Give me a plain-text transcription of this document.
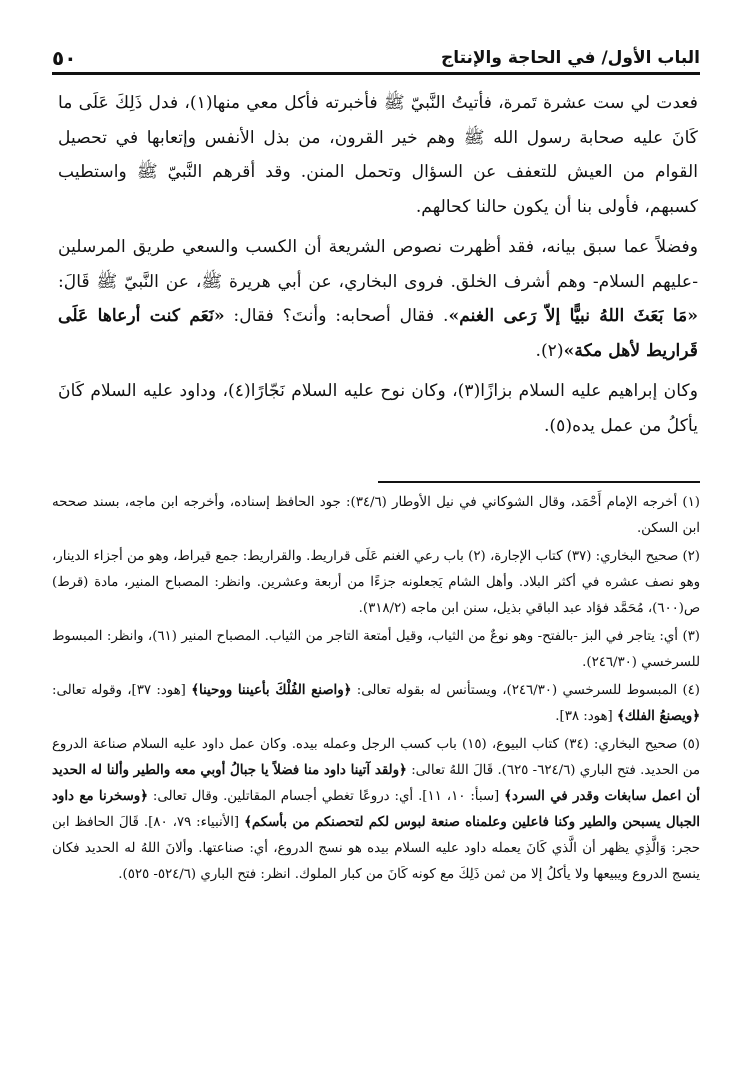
الباب الأول/ في الحاجة والإنتاج
٥٠

فعدت لي ست عشرة تَمرة، فأتيتُ النَّبيّ ﷺ فأخبرته فأكل معي منها(١)، فدل ذَلِكَ عَلَى ما كَانَ عليه صحابة رسول الله ﷺ وهم خير القرون، من بذل الأنفس وإتعابها في تحصيل القوام من العيش للتعفف عن السؤال وتحمل المنن. وقد أقرهم النَّبيّ ﷺ واستطيب كسبهم، فأولى بنا أن يكون حالنا كحالهم.

وفضلاً عما سبق بيانه، فقد أظهرت نصوص الشريعة أن الكسب والسعي طريق المرسلين -عليهم السلام- وهم أشرف الخلق. فروى البخاري، عن أبي هريرة ﷺ، عن النَّبيّ ﷺ قَالَ: «مَا بَعَثَ اللهُ نبيًّا إلاّ رَعى الغنم». فقال أصحابه: وأنتَ؟ فقال: «نَعَم كنت أرعاها عَلَى قَراريط لأهل مكة»(٢).

وكان إبراهيم عليه السلام بزازًا(٣)، وكان نوح عليه السلام نَجّارًا(٤)، وداود عليه السلام كَانَ يأكلُ من عمل يده(٥).

(١) أخرجه الإمام أَحْمَد، وقال الشوكاني في نيل الأوطار (٣٤/٦): جود الحافظ إسناده، وأخرجه ابن ماجه، بسند صححه ابن السكن.

(٢) صحيح البخاري: (٣٧) كتاب الإجارة، (٢) باب رعي الغنم عَلَى قراريط. والقراريط: جمع قيراط، وهو من أجزاء الدينار، وهو نصف عشره في أكثر البلاد. وأهل الشام يَجعلونه جزءًا من أربعة وعشرين. وانظر: المصباح المنير، مادة (قرط) ص(٦٠٠)، مُحَمَّد فؤاد عبد الباقي بذيل، سنن ابن ماجه (٣١٨/٢).

(٣) أي: يتاجر في البز -بالفتح- وهو نوعٌ من الثياب، وقيل أمتعة التاجر من الثياب. المصباح المنير (٦١)، وانظر: المبسوط للسرخسي (٢٤٦/٣٠).

(٤) المبسوط للسرخسي (٢٤٦/٣٠)، ويستأنس له بقوله تعالى: ﴿واصنع الفُلْكَ بأعيننا ووحينا﴾ [هود: ٣٧]، وقوله تعالى: ﴿ويصنعُ الفلك﴾ [هود: ٣٨].

(٥) صحيح البخاري: (٣٤) كتاب البيوع، (١٥) باب كسب الرجل وعمله بيده. وكان عمل داود عليه السلام صناعة الدروع من الحديد. فتح الباري (٦٢٤/٦- ٦٢٥). قَالَ اللهُ تعالى: ﴿ولقد آتينا داود منا فضلاً يا جبالُ أوبي معه والطير وألنا له الحديد أن اعمل سابغات وقدر في السرد﴾ [سبأ: ١٠، ١١]. أي: دروعًا تغطي أجسام المقاتلين. وقال تعالى: ﴿وسخرنا مع داود الجبال يسبحن والطير وكنا فاعلين وعلمناه صنعة لبوس لكم لتحصنكم من بأسكم﴾ [الأنبياء: ٧٩، ٨٠]. قَالَ الحافظ ابن حجر: وَالَّذِي يظهر أن الَّذي كَانَ يعمله داود عليه السلام بيده هو نسج الدروع، أي: صناعتها. وألانَ اللهُ له الحديد فكان ينسج الدروع ويبيعها ولا يأكلُ إلا من ثمن ذَلِكَ مع كونه كَانَ من كبار الملوك. انظر: فتح الباري (٥٢٤/٦- ٥٢٥).
